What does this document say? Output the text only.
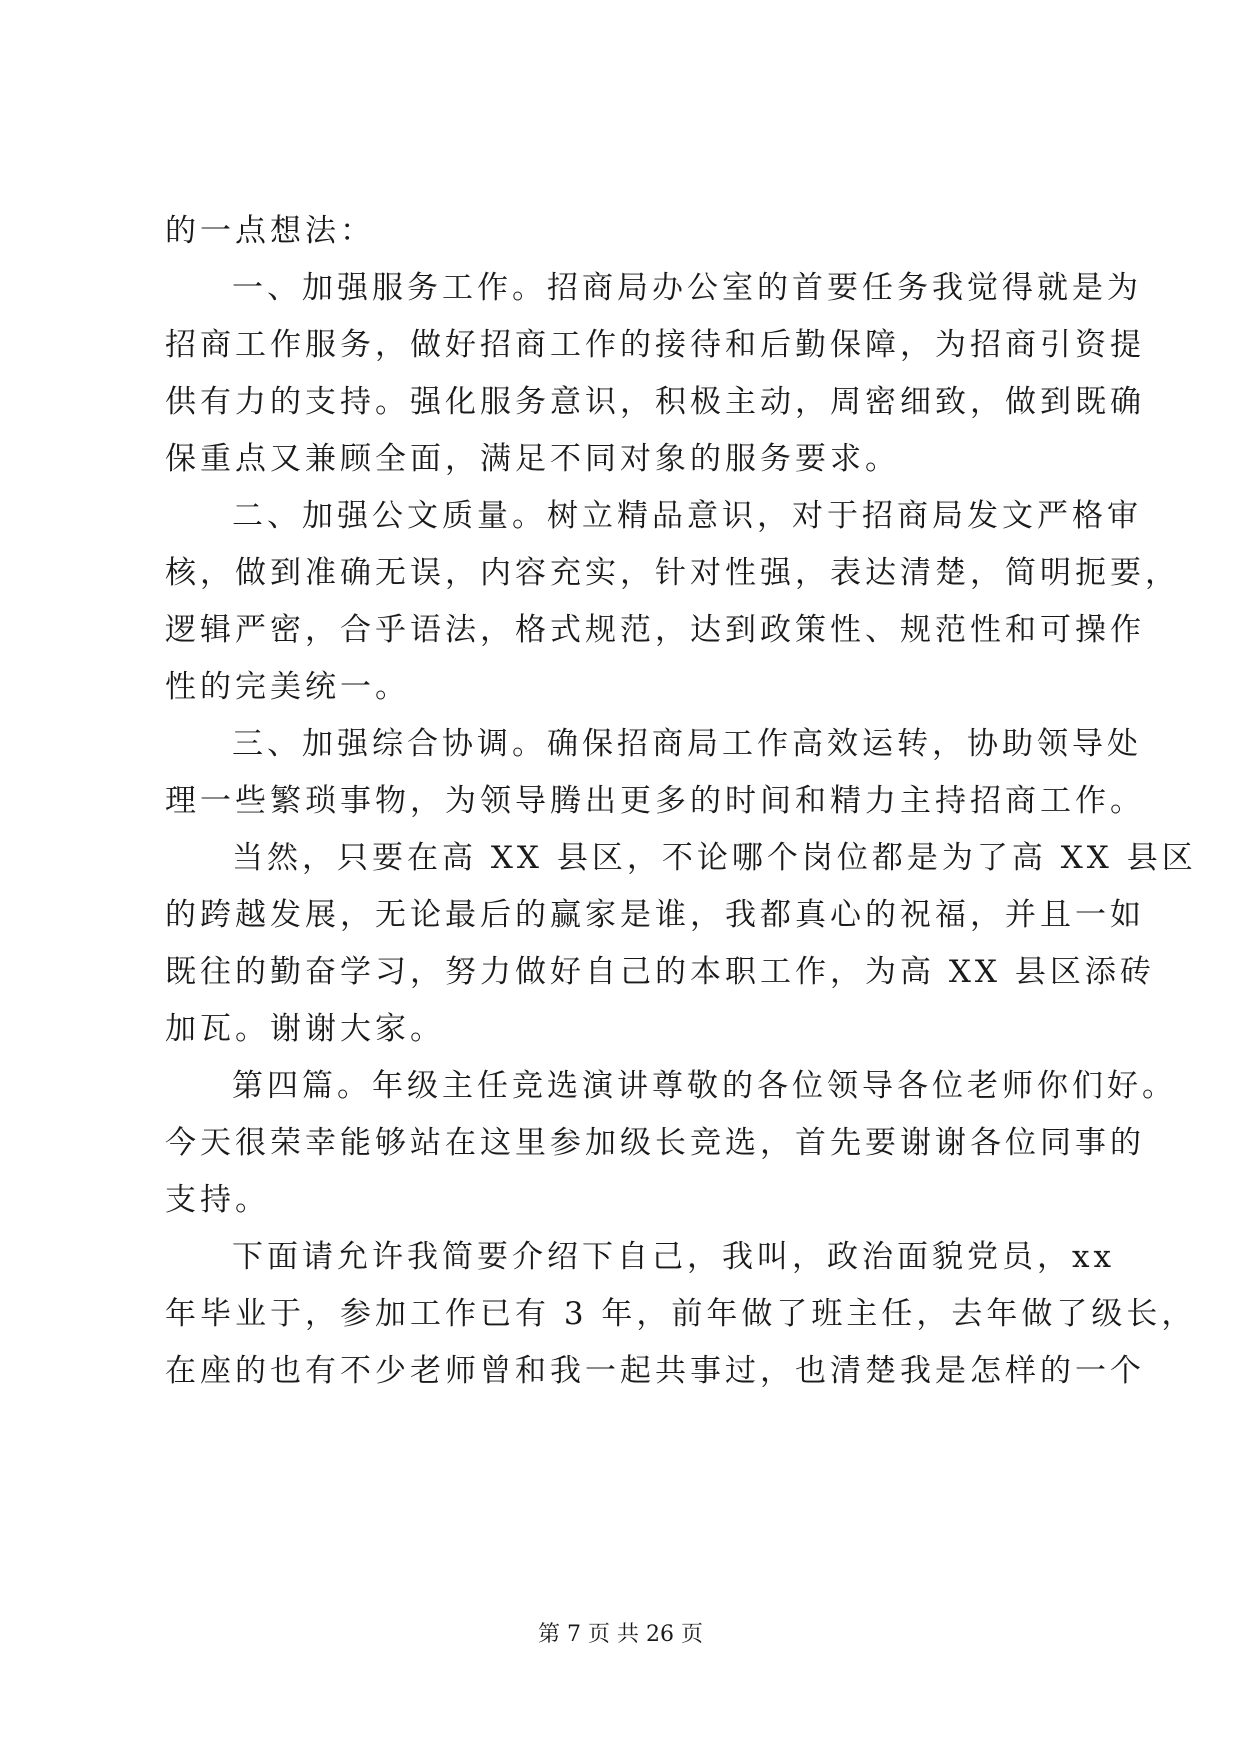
的一点想法：
一、加强服务工作。招商局办公室的首要任务我觉得就是为
招商工作服务，做好招商工作的接待和后勤保障，为招商引资提
供有力的支持。强化服务意识，积极主动，周密细致，做到既确
保重点又兼顾全面，满足不同对象的服务要求。
二、加强公文质量。树立精品意识，对于招商局发文严格审
核，做到准确无误，内容充实，针对性强，表达清楚，简明扼要，
逻辑严密，合乎语法，格式规范，达到政策性、规范性和可操作
性的完美统一。
三、加强综合协调。确保招商局工作高效运转，协助领导处
理一些繁琐事物，为领导腾出更多的时间和精力主持招商工作。
当然，只要在高 XX 县区，不论哪个岗位都是为了高 XX 县区
的跨越发展，无论最后的赢家是谁，我都真心的祝福，并且一如
既往的勤奋学习，努力做好自己的本职工作，为高 XX 县区添砖
加瓦。谢谢大家。
第四篇。年级主任竞选演讲尊敬的各位领导各位老师你们好。
今天很荣幸能够站在这里参加级长竞选，首先要谢谢各位同事的
支持。
下面请允许我简要介绍下自己，我叫，政治面貌党员，xx
年毕业于，参加工作已有 3 年，前年做了班主任，去年做了级长，
在座的也有不少老师曾和我一起共事过，也清楚我是怎样的一个
第 7 页 共 26 页
